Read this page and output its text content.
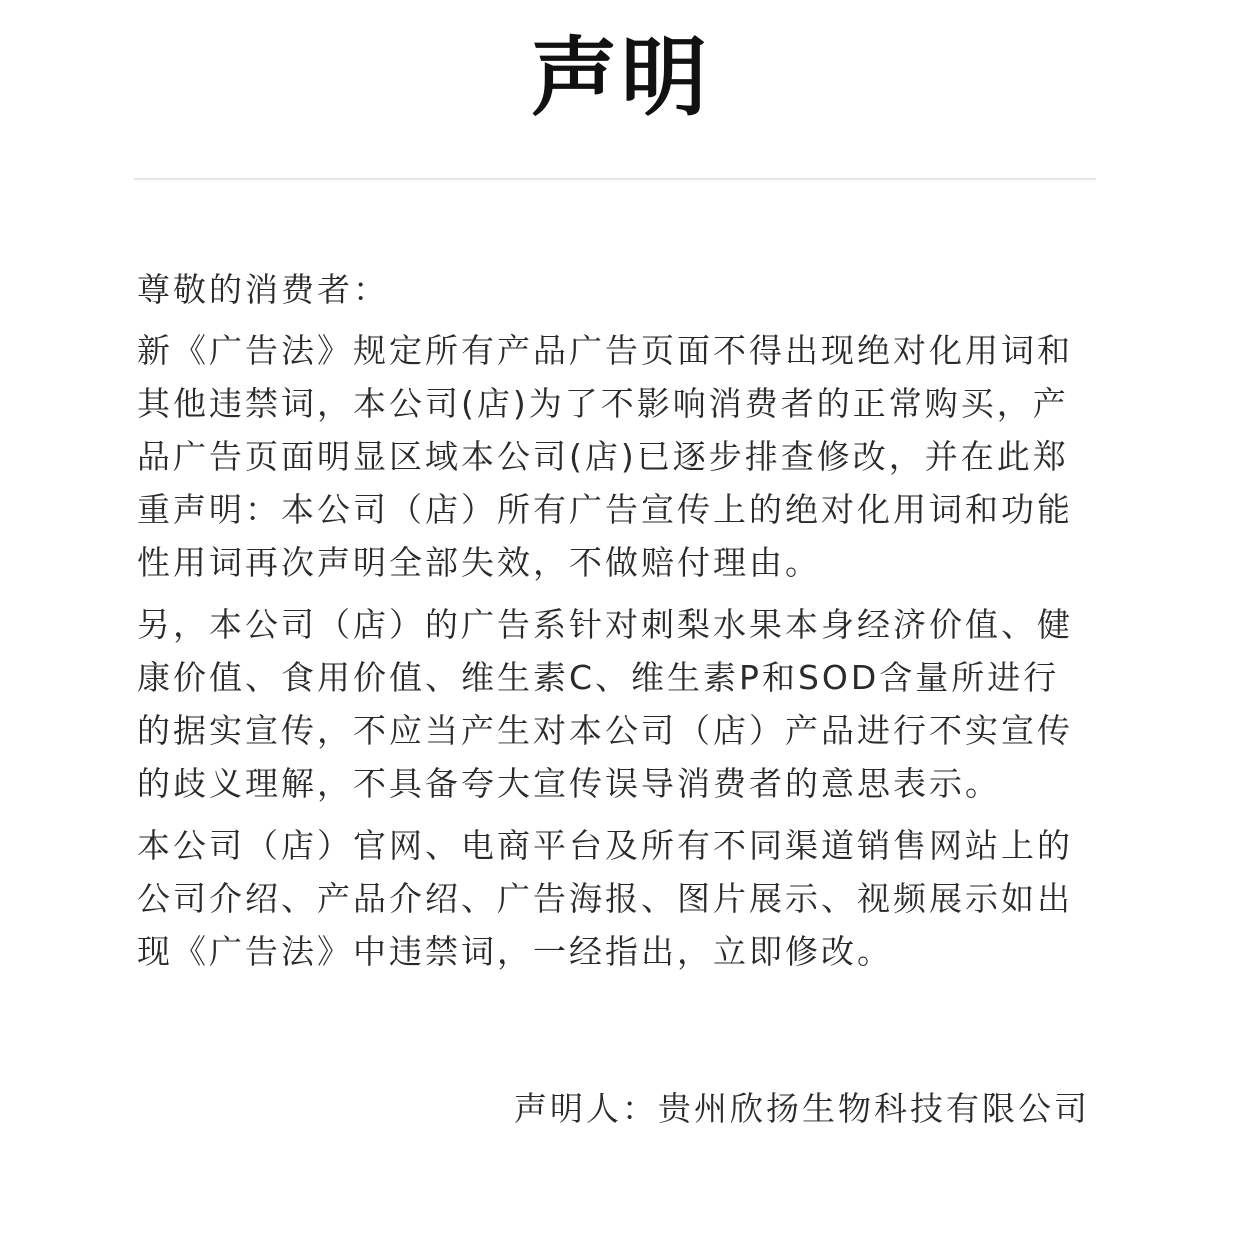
声明

尊敬的消费者：

新《广告法》规定所有产品广告页面不得出现绝对化用词和其他违禁词，本公司(店)为了不影响消费者的正常购买，产品广告页面明显区域本公司(店)已逐步排查修改，并在此郑重声明：本公司（店）所有广告宣传上的绝对化用词和功能性用词再次声明全部失效，不做赔付理由。

另，本公司（店）的广告系针对刺梨水果本身经济价值、健康价值、食用价值、维生素C、维生素P和SOD含量所进行的据实宣传，不应当产生对本公司（店）产品进行不实宣传的歧义理解，不具备夸大宣传误导消费者的意思表示。

本公司（店）官网、电商平台及所有不同渠道销售网站上的公司介绍、产品介绍、广告海报、图片展示、视频展示如出现《广告法》中违禁词，一经指出，立即修改。

声明人：贵州欣扬生物科技有限公司
